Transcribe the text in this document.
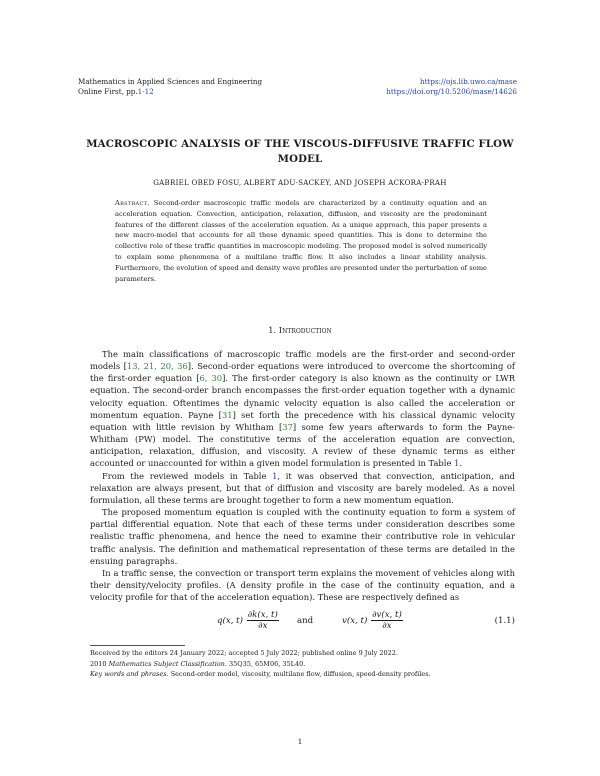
Mathematics in Applied Sciences and Engineering
Online First, pp.1-12
https://ojs.lib.uwo.ca/mase
https://doi.org/10.5206/mase/14626
MACROSCOPIC ANALYSIS OF THE VISCOUS-DIFFUSIVE TRAFFIC FLOW
MODEL
GABRIEL OBED FOSU, ALBERT ADU-SACKEY, AND JOSEPH ACKORA-PRAH
Abstract. Second-order macroscopic traffic models are characterized by a continuity equation and an acceleration equation. Convection, anticipation, relaxation, diffusion, and viscosity are the predominant features of the different classes of the acceleration equation. As a unique approach, this paper presents a new macro-model that accounts for all these dynamic speed quantities. This is done to determine the collective role of these traffic quantities in macroscopic modeling. The proposed model is solved numerically to explain some phenomena of a multilane traffic flow. It also includes a linear stability analysis. Furthermore, the evolution of speed and density wave profiles are presented under the perturbation of some parameters.
1. Introduction

The main classifications of macroscopic traffic models are the first-order and second-order models [13, 21, 20, 36]. Second-order equations were introduced to overcome the shortcoming of the first-order equation [6, 30]. The first-order category is also known as the continuity or LWR equation. The second-order branch encompasses the first-order equation together with a dynamic velocity equation. Oftentimes the dynamic velocity equation is also called the acceleration or momentum equation. Payne [31] set forth the precedence with his classical dynamic velocity equation with little revision by Whitham [37] some few years afterwards to form the Payne-Whitham (PW) model. The constitutive terms of the acceleration equation are convection, anticipation, relaxation, diffusion, and viscosity. A review of these dynamic terms as either accounted or unaccounted for within a given model formulation is presented in Table 1.

From the reviewed models in Table 1, it was observed that convection, anticipation, and relaxation are always present, but that of diffusion and viscosity are barely modeled. As a novel formulation, all these terms are brought together to form a new momentum equation.

The proposed momentum equation is coupled with the continuity equation to form a system of partial differential equation. Note that each of these terms under consideration describes some realistic traffic phenomena, and hence the need to examine their contributive role in vehicular traffic analysis. The definition and mathematical representation of these terms are detailed in the ensuing paragraphs.

In a traffic sense, the convection or transport term explains the movement of vehicles along with their density/velocity profiles. (A density profile in the case of the continuity equation, and a velocity profile for that of the acceleration equation). These are respectively defined as

q(x, $t) \frac{\partial k(x, t)}{\partial x}$ and	v(x, $t) \frac{\partial v(x, t)}{\partial x}$	(1.1)
Received by the editors 24 January 2022; accepted 5 July 2022; published online 9 July 2022.
2010 Mathematics Subject Classification. 35Q35, 65M06, 35L40.
Key words and phrases. Second-order model, viscosity, multilane flow, diffusion, speed-density profiles.
1
